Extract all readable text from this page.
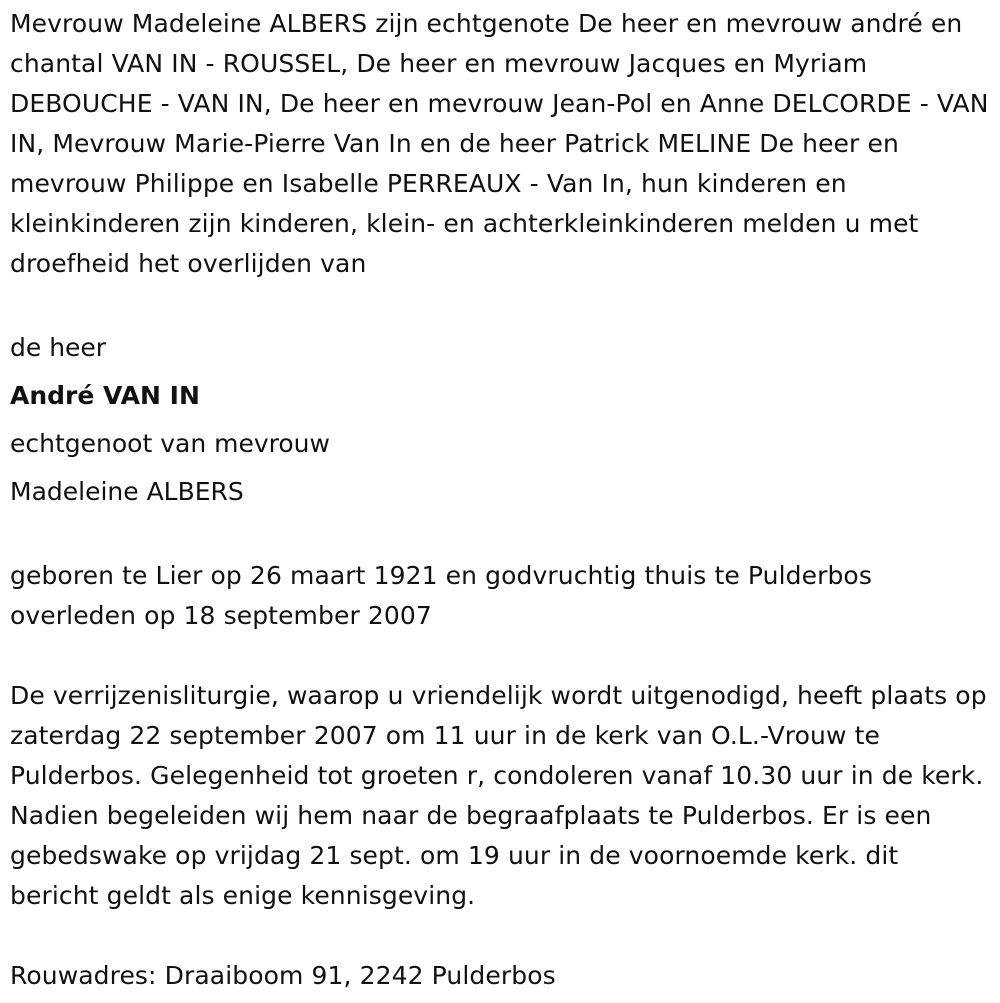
Mevrouw Madeleine ALBERS zijn echtgenote De heer en mevrouw andré en chantal VAN IN - ROUSSEL, De heer en mevrouw Jacques en Myriam DEBOUCHE - VAN IN, De heer en mevrouw Jean-Pol en Anne DELCORDE - VAN IN, Mevrouw Marie-Pierre Van In en de heer Patrick MELINE De heer en mevrouw Philippe en Isabelle PERREAUX - Van In, hun kinderen en kleinkinderen zijn kinderen, klein- en achterkleinkinderen melden u met droefheid het overlijden van

de heer

André VAN IN

echtgenoot van mevrouw

Madeleine ALBERS

geboren te Lier op 26 maart 1921 en godvruchtig thuis te Pulderbos overleden op 18 september 2007

De verrijzenisliturgie, waarop u vriendelijk wordt uitgenodigd, heeft plaats op zaterdag 22 september 2007 om 11 uur in de kerk van O.L.-Vrouw te Pulderbos. Gelegenheid tot groeten r, condoleren vanaf 10.30 uur in de kerk. Nadien begeleiden wij hem naar de begraafplaats te Pulderbos. Er is een gebedswake op vrijdag 21 sept. om 19 uur in de voornoemde kerk. dit bericht geldt als enige kennisgeving.

Rouwadres: Draaiboom 91, 2242 Pulderbos
